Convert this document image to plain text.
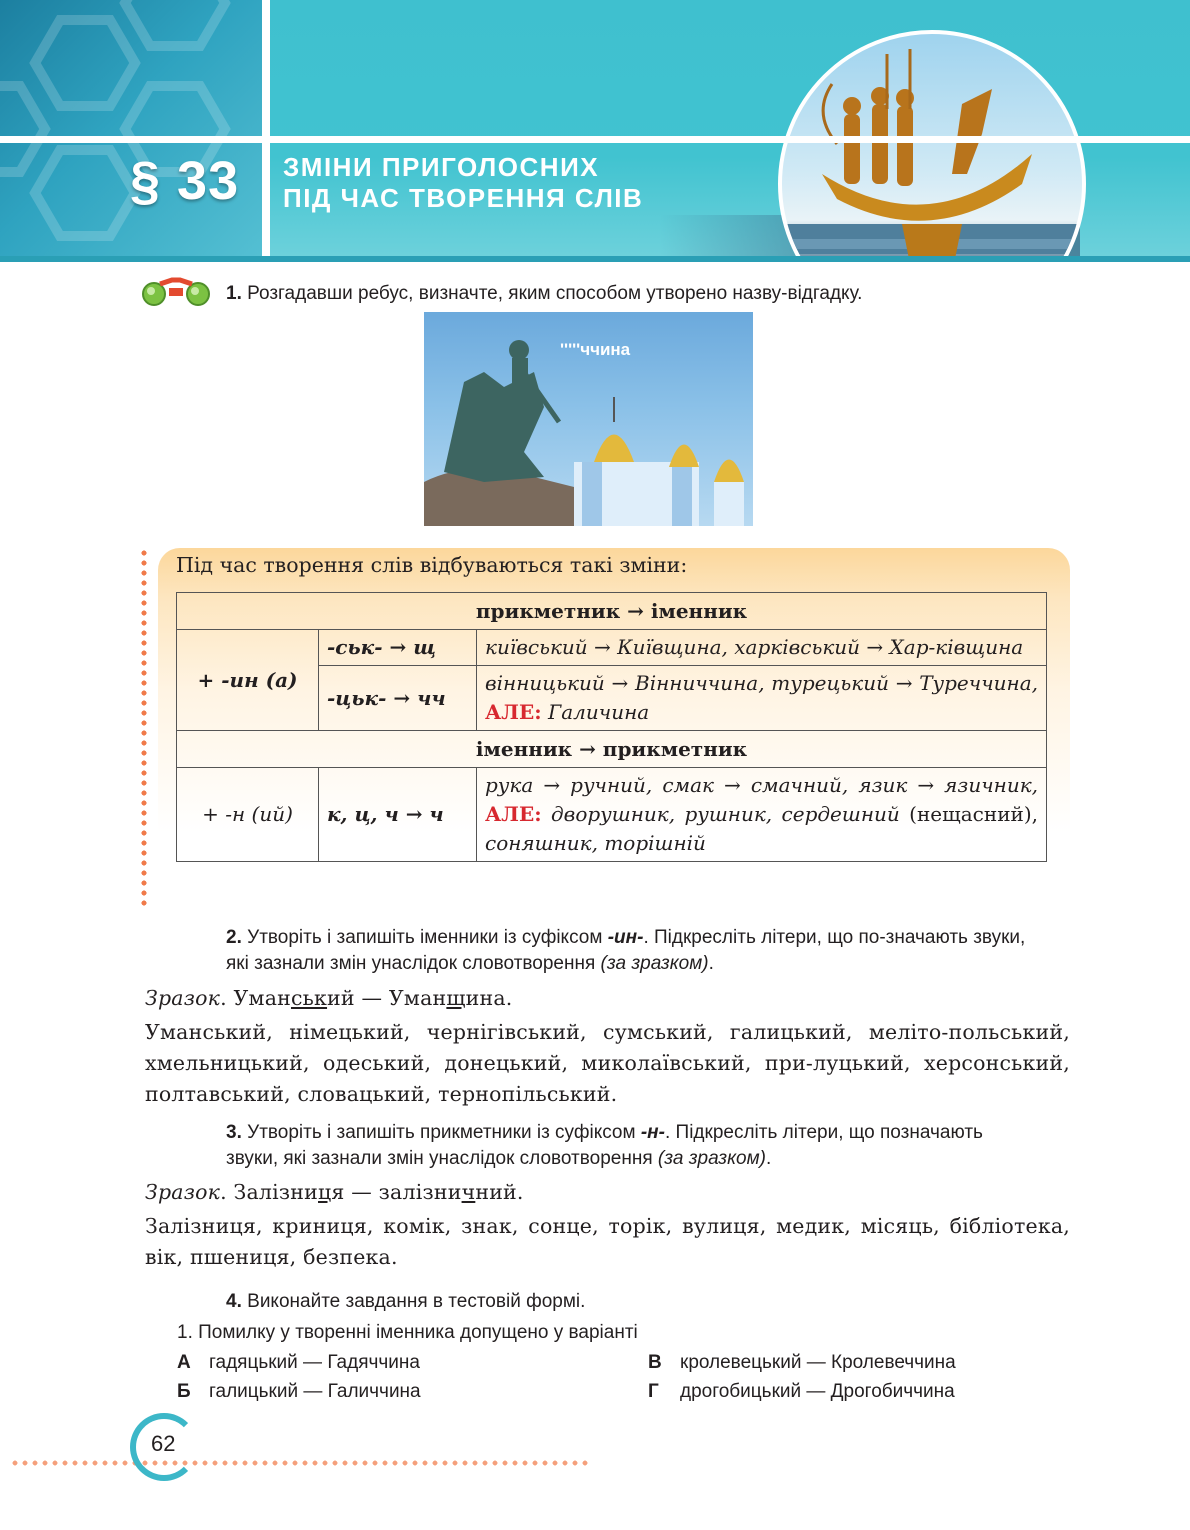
§ 33 ЗМІНИ ПРИГОЛОСНИХ
ПІД ЧАС ТВОРЕННЯ СЛІВ
1. Розгадавши ребус, визначте, яким способом утворено назву-відгадку.
'''''ччина
Під час творення слів відбуваються такі зміни:
прикметник → іменник		
+ -ин (а)	-ськ- → щ	київський → Київщина, харківський → Хар-ківщина
	-цьк- → чч	вінницький → Вінниччина, турецький → Туреччина, АЛЕ: Галичина
іменник → прикметник		
+ -н (ий)	к, ц, ч → ч	рука → ручний, смак → смачний, язик → язичник, АЛЕ: дворушник, рушник, сердешний (нещасний), соняшник, торішній
2. Утворіть і запишіть іменники із суфіксом -ин-. Підкресліть літери, що по-значають звуки, які зазнали змін унаслідок словотворення (за зразком).
Зразок. Уманський — Уманщина.
Уманський, німецький, чернігівський, сумський, галицький, меліто-польський, хмельницький, одеський, донецький, миколаївський, при-луцький, херсонський, полтавський, словацький, тернопільський.
3. Утворіть і запишіть прикметники із суфіксом -н-. Підкресліть літери, що позначають звуки, які зазнали змін унаслідок словотворення (за зразком).
Зразок. Залізниця — залізничний.
Залізниця, криниця, комік, знак, сонце, торік, вулиця, медик, місяць, бібліотека, вік, пшениця, безпека.
4. Виконайте завдання в тестовій формі.
1. Помилку у творенні іменника допущено у варіанті
А гадяцький — Гадяччина
Б галицький — Галиччина
В кролевецький — Кролевеччина
Г дрогобицький — Дрогобиччина
62
